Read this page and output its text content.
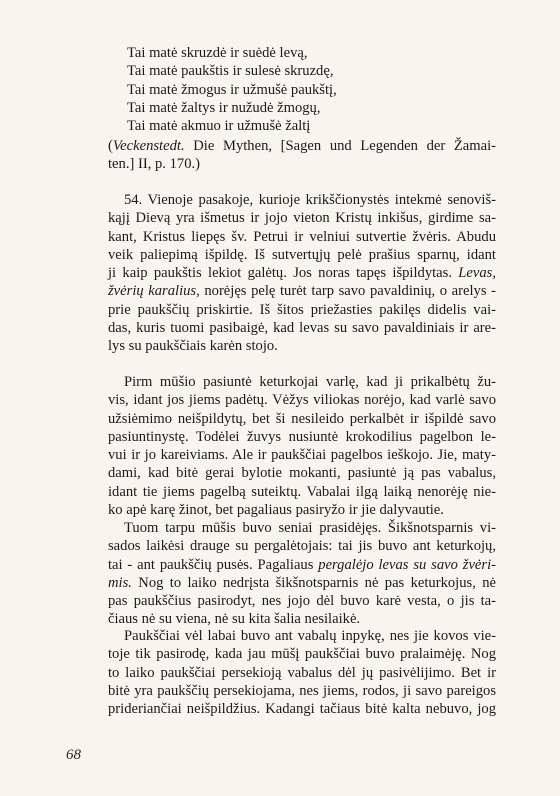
Tai matė skruzdė ir suėdė levą,
Tai matė paukštis ir sulesė skruzdę,
Tai matė žmogus ir užmušė paukštį,
Tai matė žaltys ir nužudė žmogų,
Tai matė akmuo ir užmušė žaltį
(Veckenstedt. Die Mythen, [Sagen und Legenden der Žamai-
ten.] II, p. 170.)
54. Vienoje pasakoje, kurioje krikščionystės intekmė senoviš-
kąjį Dievą yra išmetus ir jojo vieton Kristų inkišus, girdime sa-
kant, Kristus liepęs šv. Petrui ir velniui sutvertie žvėris. Abudu
veik paliepimą išpildę. Iš sutvertųjų pelė prašius sparnų, idant
ji kaip paukštis lekiot galėtų. Jos noras tapęs išpildytas. Levas,
žvėrių karalius, norėjęs pelę turėt tarp savo pavaldinių, o arelys -
prie paukščių priskirtie. Iš šitos priežasties pakilęs didelis vai-
das, kuris tuomi pasibaigė, kad levas su savo pavaldiniais ir are-
lys su paukščiais karėn stojo.
Pirm mūšio pasiuntė keturkojai varlę, kad ji prikalbėtų žu-
vis, idant jos jiems padėtų. Vėžys viliokas norėjo, kad varlė savo
užsiėmimo neišpildytų, bet ši nesileido perkalbėt ir išpildė savo
pasiuntinystę. Todėlei žuvys nusiuntė krokodilius pagelbon le-
vui ir jo kareiviams. Ale ir paukščiai pagelbos ieškojo. Jie, maty-
dami, kad bitė gerai bylotie mokanti, pasiuntė ją pas vabalus,
idant tie jiems pagelbą suteiktų. Vabalai ilgą laiką nenorėję nie-
ko apė karę žinot, bet pagaliaus pasiryžo ir jie dalyvautie.
Tuom tarpu mūšis buvo seniai prasidėjęs. Šikšnotsparnis vi-
sados laikėsi drauge su pergalėtojais: tai jis buvo ant keturkojų,
tai - ant paukščių pusės. Pagaliaus pergalėjo levas su savo žvėri-
mis. Nog to laiko nedrįsta šikšnotsparnis nė pas keturkojus, nė
pas paukščius pasirodyt, nes jojo dėl buvo karė vesta, o jis ta-
čiaus nė su viena, nė su kita šalia nesilaikė.
Paukščiai vėl labai buvo ant vabalų inpykę, nes jie kovos vie-
toje tik pasirodę, kada jau mūšį paukščiai buvo pralaimėję. Nog
to laiko paukščiai persekioją vabalus dėl jų pasivėlijimo. Bet ir
bitė yra paukščių persekiojama, nes jiems, rodos, ji savo pareigos
prideriančiai neišpildžius. Kadangi tačiaus bitė kalta nebuvo, jog
68
